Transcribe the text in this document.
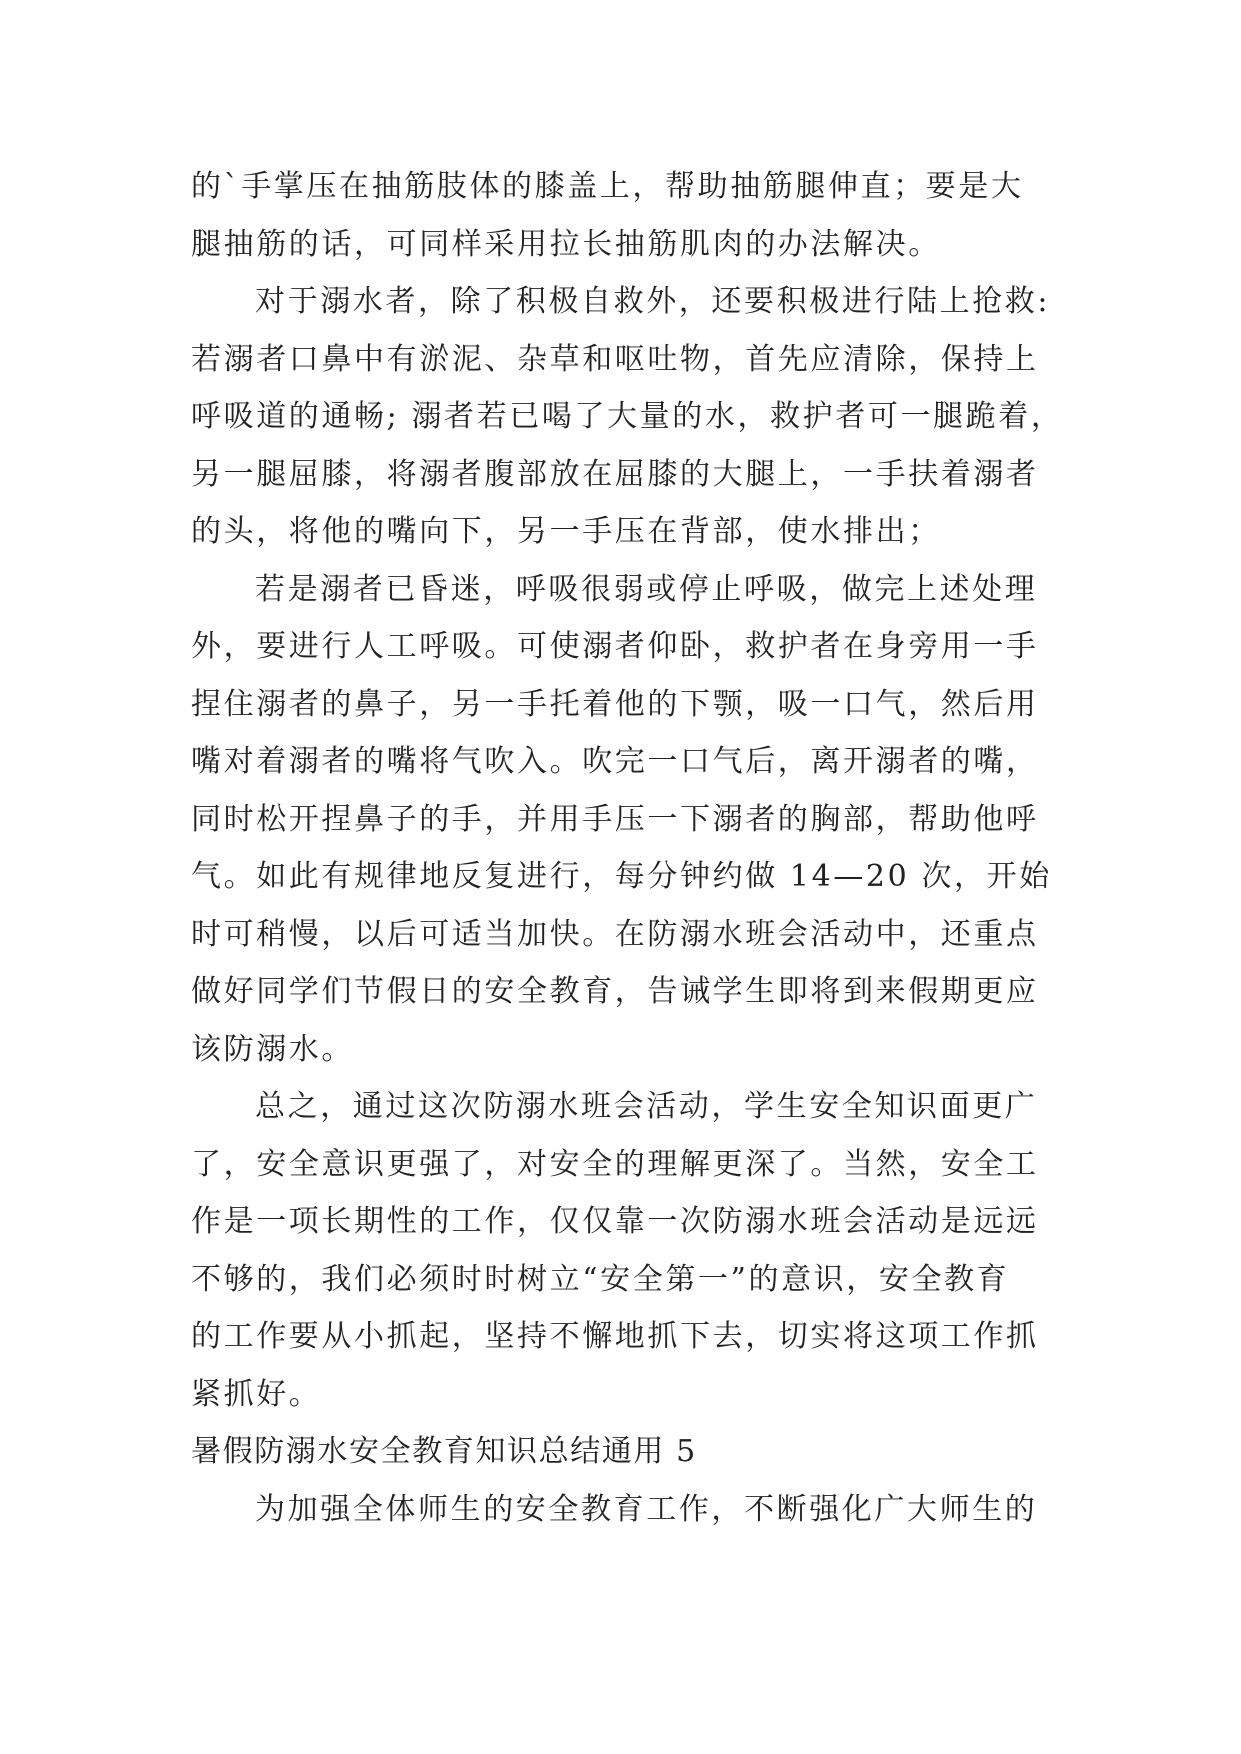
的`手掌压在抽筋肢体的膝盖上，帮助抽筋腿伸直；要是大
腿抽筋的话，可同样采用拉长抽筋肌肉的办法解决。
对于溺水者，除了积极自救外，还要积极进行陆上抢救:
若溺者口鼻中有淤泥、杂草和呕吐物，首先应清除，保持上
呼吸道的通畅; 溺者若已喝了大量的水，救护者可一腿跪着，
另一腿屈膝，将溺者腹部放在屈膝的大腿上，一手扶着溺者
的头，将他的嘴向下，另一手压在背部，使水排出；
若是溺者已昏迷，呼吸很弱或停止呼吸，做完上述处理
外，要进行人工呼吸。可使溺者仰卧，救护者在身旁用一手
捏住溺者的鼻子，另一手托着他的下颚，吸一口气，然后用
嘴对着溺者的嘴将气吹入。吹完一口气后，离开溺者的嘴，
同时松开捏鼻子的手，并用手压一下溺者的胸部，帮助他呼
气。如此有规律地反复进行，每分钟约做 14—20 次，开始
时可稍慢，以后可适当加快。在防溺水班会活动中，还重点
做好同学们节假日的安全教育，告诫学生即将到来假期更应
该防溺水。
总之，通过这次防溺水班会活动，学生安全知识面更广
了，安全意识更强了，对安全的理解更深了。当然，安全工
作是一项长期性的工作，仅仅靠一次防溺水班会活动是远远
不够的，我们必须时时树立“安全第一”的意识，安全教育
的工作要从小抓起，坚持不懈地抓下去，切实将这项工作抓
紧抓好。
暑假防溺水安全教育知识总结通用 5
为加强全体师生的安全教育工作，不断强化广大师生的
